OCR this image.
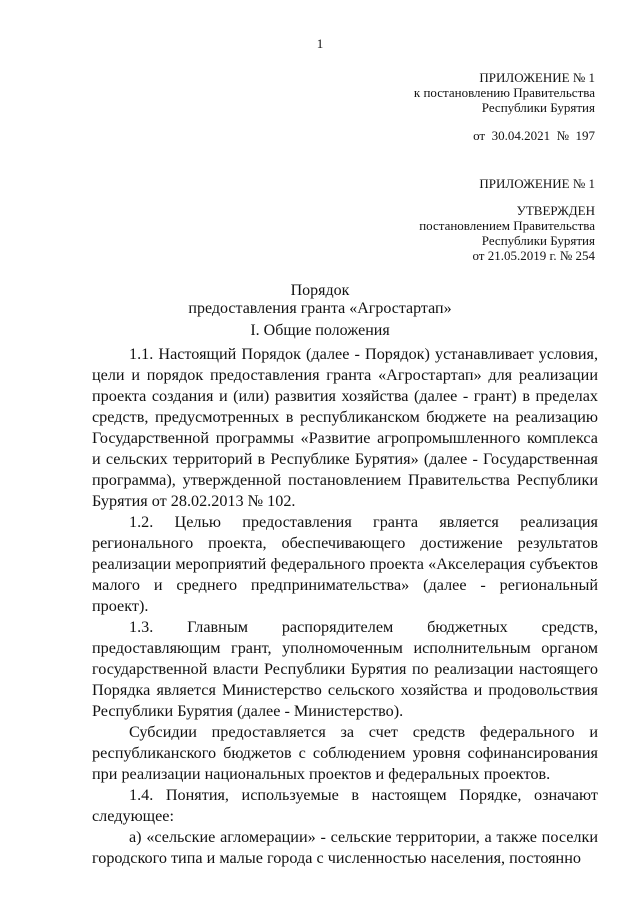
1
ПРИЛОЖЕНИЕ № 1
к постановлению Правительства
Республики Бурятия
от  30.04.2021  №  197
ПРИЛОЖЕНИЕ № 1
УТВЕРЖДЕН
постановлением Правительства
Республики Бурятия
от 21.05.2019 г. № 254
Порядок
предоставления гранта «Агростартап»
I. Общие положения

1.1. Настоящий Порядок (далее - Порядок) устанавливает условия, цели и порядок предоставления гранта «Агростартап» для реализации проекта создания и (или) развития хозяйства (далее - грант) в пределах средств, предусмотренных в республиканском бюджете на реализацию Государственной программы «Развитие агропромышленного комплекса и сельских территорий в Республике Бурятия» (далее - Государственная программа), утвержденной постановлением Правительства Республики Бурятия от 28.02.2013 № 102.

1.2. Целью предоставления гранта является реализация регионального проекта, обеспечивающего достижение результатов реализации мероприятий федерального проекта «Акселерация субъектов малого и среднего предпринимательства» (далее - региональный проект).

1.3. Главным распорядителем бюджетных средств, предоставляющим грант, уполномоченным исполнительным органом государственной власти Республики Бурятия по реализации настоящего Порядка является Министерство сельского хозяйства и продовольствия Республики Бурятия (далее - Министерство).

Субсидии предоставляется за счет средств федерального и республиканского бюджетов с соблюдением уровня софинансирования при реализации национальных проектов и федеральных проектов.

1.4. Понятия, используемые в настоящем Порядке, означают следующее:

а) «сельские агломерации» - сельские территории, а также поселки городского типа и малые города с численностью населения, постоянно
